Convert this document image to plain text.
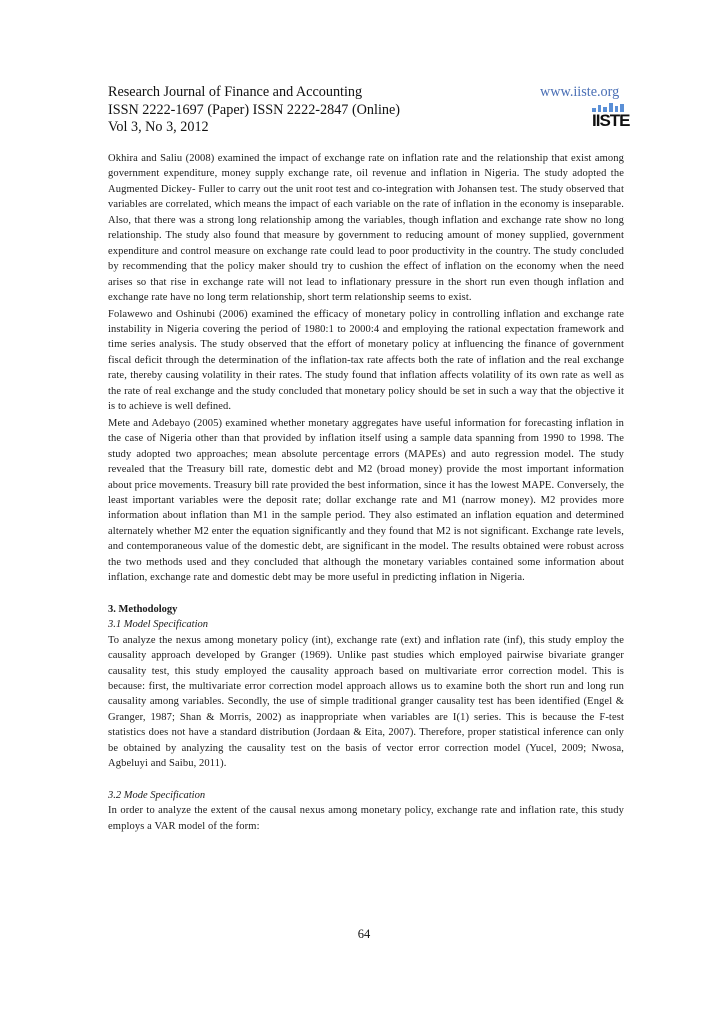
Research Journal of Finance and Accounting
ISSN 2222-1697 (Paper) ISSN 2222-2847 (Online)
Vol 3, No 3, 2012
www.iiste.org
IISTE

Okhira and Saliu (2008) examined the impact of exchange rate on inflation rate and the relationship that exist among government expenditure, money supply exchange rate, oil revenue and inflation in Nigeria. The study adopted the Augmented Dickey- Fuller to carry out the unit root test and co-integration with Johansen test. The study observed that variables are correlated, which means the impact of each variable on the rate of inflation in the economy is inseparable. Also, that there was a strong long relationship among the variables, though inflation and exchange rate show no long relationship. The study also found that measure by government to reducing amount of money supplied, government expenditure and control measure on exchange rate could lead to poor productivity in the country. The study concluded by recommending that the policy maker should try to cushion the effect of inflation on the economy when the need arises so that rise in exchange rate will not lead to inflationary pressure in the short run even though inflation and exchange rate have no long term relationship, short term relationship seems to exist.

Folawewo and Oshinubi (2006) examined the efficacy of monetary policy in controlling inflation and exchange rate instability in Nigeria covering the period of 1980:1 to 2000:4 and employing the rational expectation framework and time series analysis. The study observed that the effort of monetary policy at influencing the finance of government fiscal deficit through the determination of the inflation-tax rate affects both the rate of inflation and the real exchange rate, thereby causing volatility in their rates. The study found that inflation affects volatility of its own rate as well as the rate of real exchange and the study concluded that monetary policy should be set in such a way that the objective it is to achieve is well defined.

Mete and Adebayo (2005) examined whether monetary aggregates have useful information for forecasting inflation in the case of Nigeria other than that provided by inflation itself using a sample data spanning from 1990 to 1998. The study adopted two approaches; mean absolute percentage errors (MAPEs) and auto regression model. The study revealed that the Treasury bill rate, domestic debt and M2 (broad money) provide the most important information about price movements. Treasury bill rate provided the best information, since it has the lowest MAPE. Conversely, the least important variables were the deposit rate; dollar exchange rate and M1 (narrow money). M2 provides more information about inflation than M1 in the sample period. They also estimated an inflation equation and determined alternately whether M2 enter the equation significantly and they found that M2 is not significant. Exchange rate levels, and contemporaneous value of the domestic debt, are significant in the model. The results obtained were robust across the two methods used and they concluded that although the monetary variables contained some information about inflation, exchange rate and domestic debt may be more useful in predicting inflation in Nigeria.

3. Methodology
3.1 Model Specification

To analyze the nexus among monetary policy (int), exchange rate (ext) and inflation rate (inf), this study employ the causality approach developed by Granger (1969). Unlike past studies which employed pairwise bivariate granger causality test, this study employed the causality approach based on multivariate error correction model. This is because: first, the multivariate error correction model approach allows us to examine both the short run and long run causality among variables. Secondly, the use of simple traditional granger causality test has been identified (Engel & Granger, 1987; Shan & Morris, 2002) as inappropriate when variables are I(1) series. This is because the F-test statistics does not have a standard distribution (Jordaan & Eita, 2007). Therefore, proper statistical inference can only be obtained by analyzing the causality test on the basis of vector error correction model (Yucel, 2009; Nwosa, Agbeluyi and Saibu, 2011).

3.2 Mode Specification

In order to analyze the extent of the causal nexus among monetary policy, exchange rate and inflation rate, this study employs a VAR model of the form:

64
